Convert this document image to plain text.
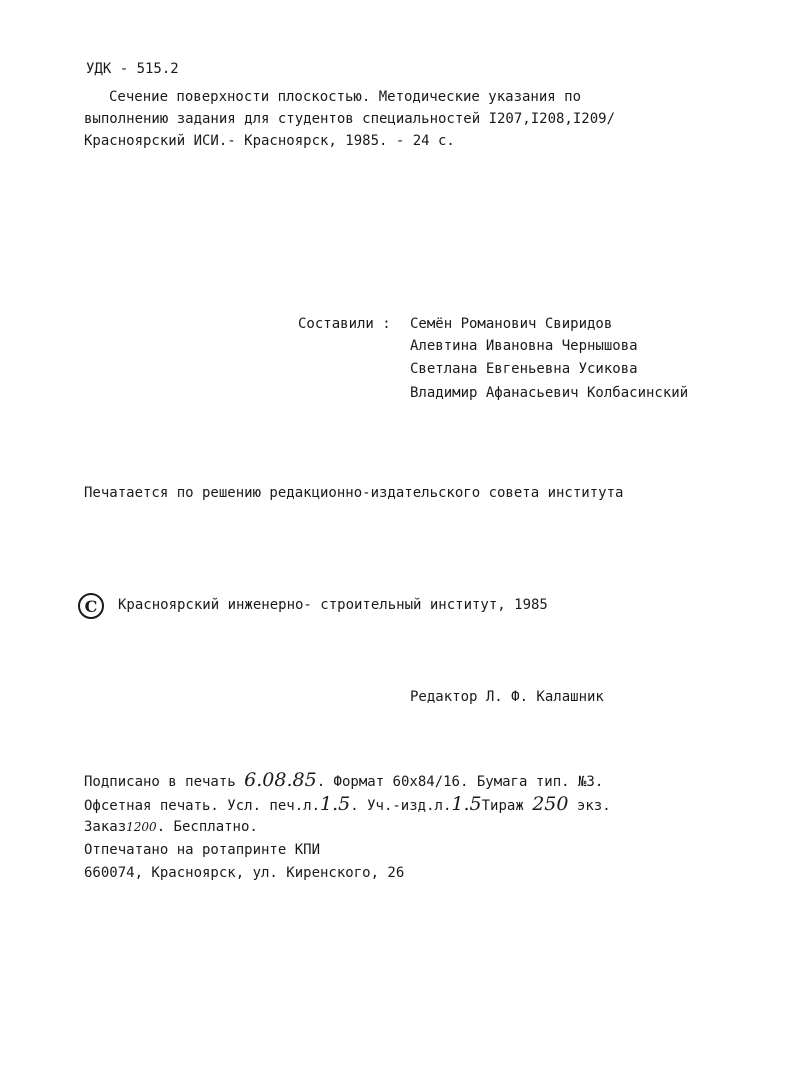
УДК - 515.2
Сечение поверхности плоскостью. Методические указания по
выполнению задания для студентов специальностей I207,I208,I209/
Красноярский ИСИ.- Красноярск, 1985. - 24 с.
Составили : Семён Романович Свиридов
Алевтина Ивановна Чернышова
Светлана Евгеньевна Усикова
Владимир Афанасьевич Колбасинский
Печатается по решению редакционно-издательского совета института
C Красноярский инженерно- строительный институт, 1985
Редактор Л. Ф. Калашник
Подписано в печать 6.08.85. Формат 60х84/16. Бумага тип. №3.
Офсетная печать. Усл. печ.л.1.5. Уч.-изд.л.1.5Тираж 250 экз.
Заказ1200. Бесплатно.
Отпечатано на ротапринте КПИ
660074, Красноярск, ул. Киренского, 26
